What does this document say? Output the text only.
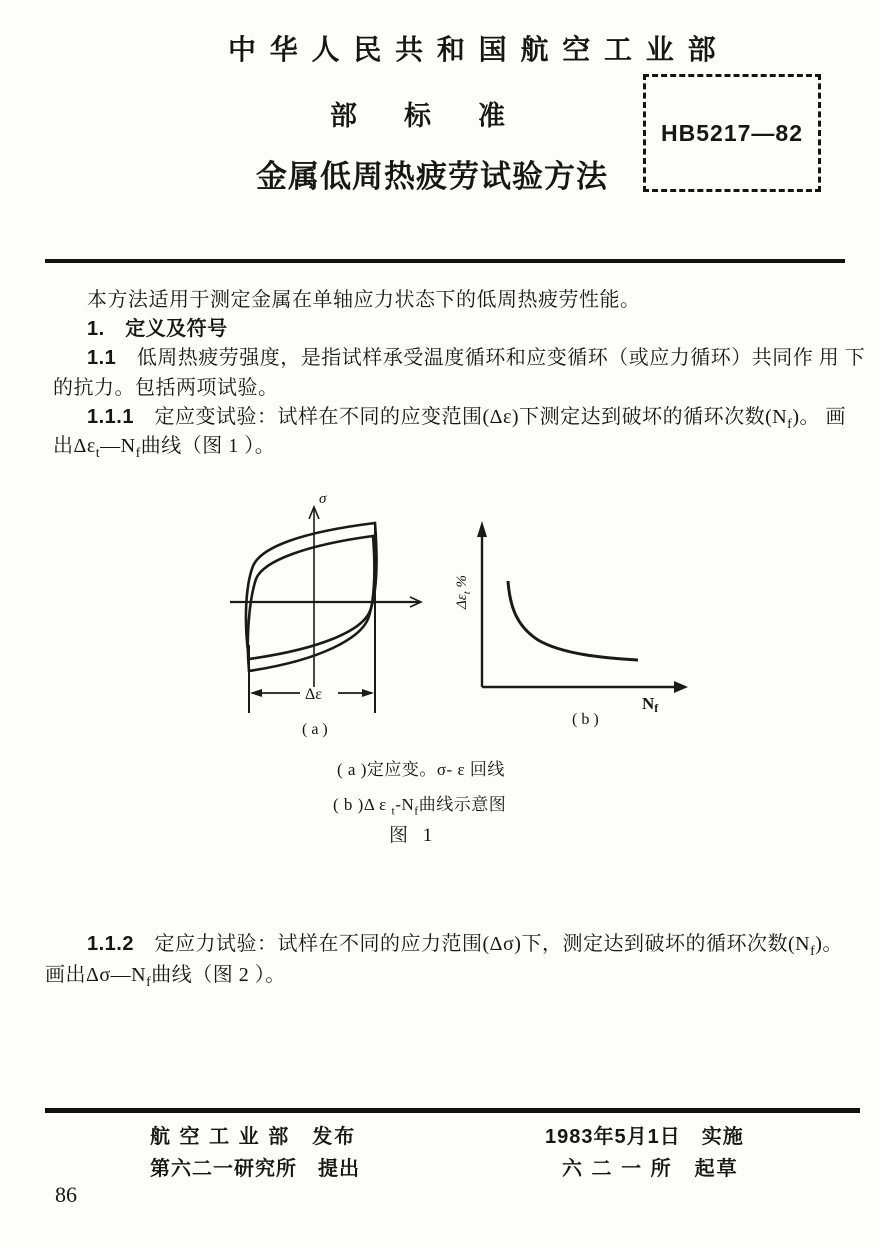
中 华 人 民 共 和 国 航 空 工 业 部
部标准
金属低周热疲劳试验方法
HB5217—82
本方法适用于测定金属在单轴应力状态下的低周热疲劳性能。
1.　 定义及符号
1.1　 低周热疲劳强度，是指试样承受温度循环和应变循环（或应力循环）共同作 用 下
的抗力。包括两项试验。
1.1.1　 定应变试验：试样在不同的应变范围(Δε)下测定达到破坏的循环次数$(N_f)$。 画
出$\Delta\varepsilon_t—N_f$曲线（图 1 ）。
σ
Δε
( a )
$\Delta\varepsilon_t$ %
Nf
( b )
( a )定应变。σ- ε 回线
( b )Δ ε $_t-N_f$曲线示意图
图 1
1.1.2　 定应力试验：试样在不同的应力范围(Δσ)下，测定达到破坏的循环次数$(N_f)$。
画出$\Delta\sigma—N_f$曲线（图 2 ）。
航 空 工 业 部　发布
第六二一研究所　提出
1983年5月1日　实施
六 二 一 所　起草
86
